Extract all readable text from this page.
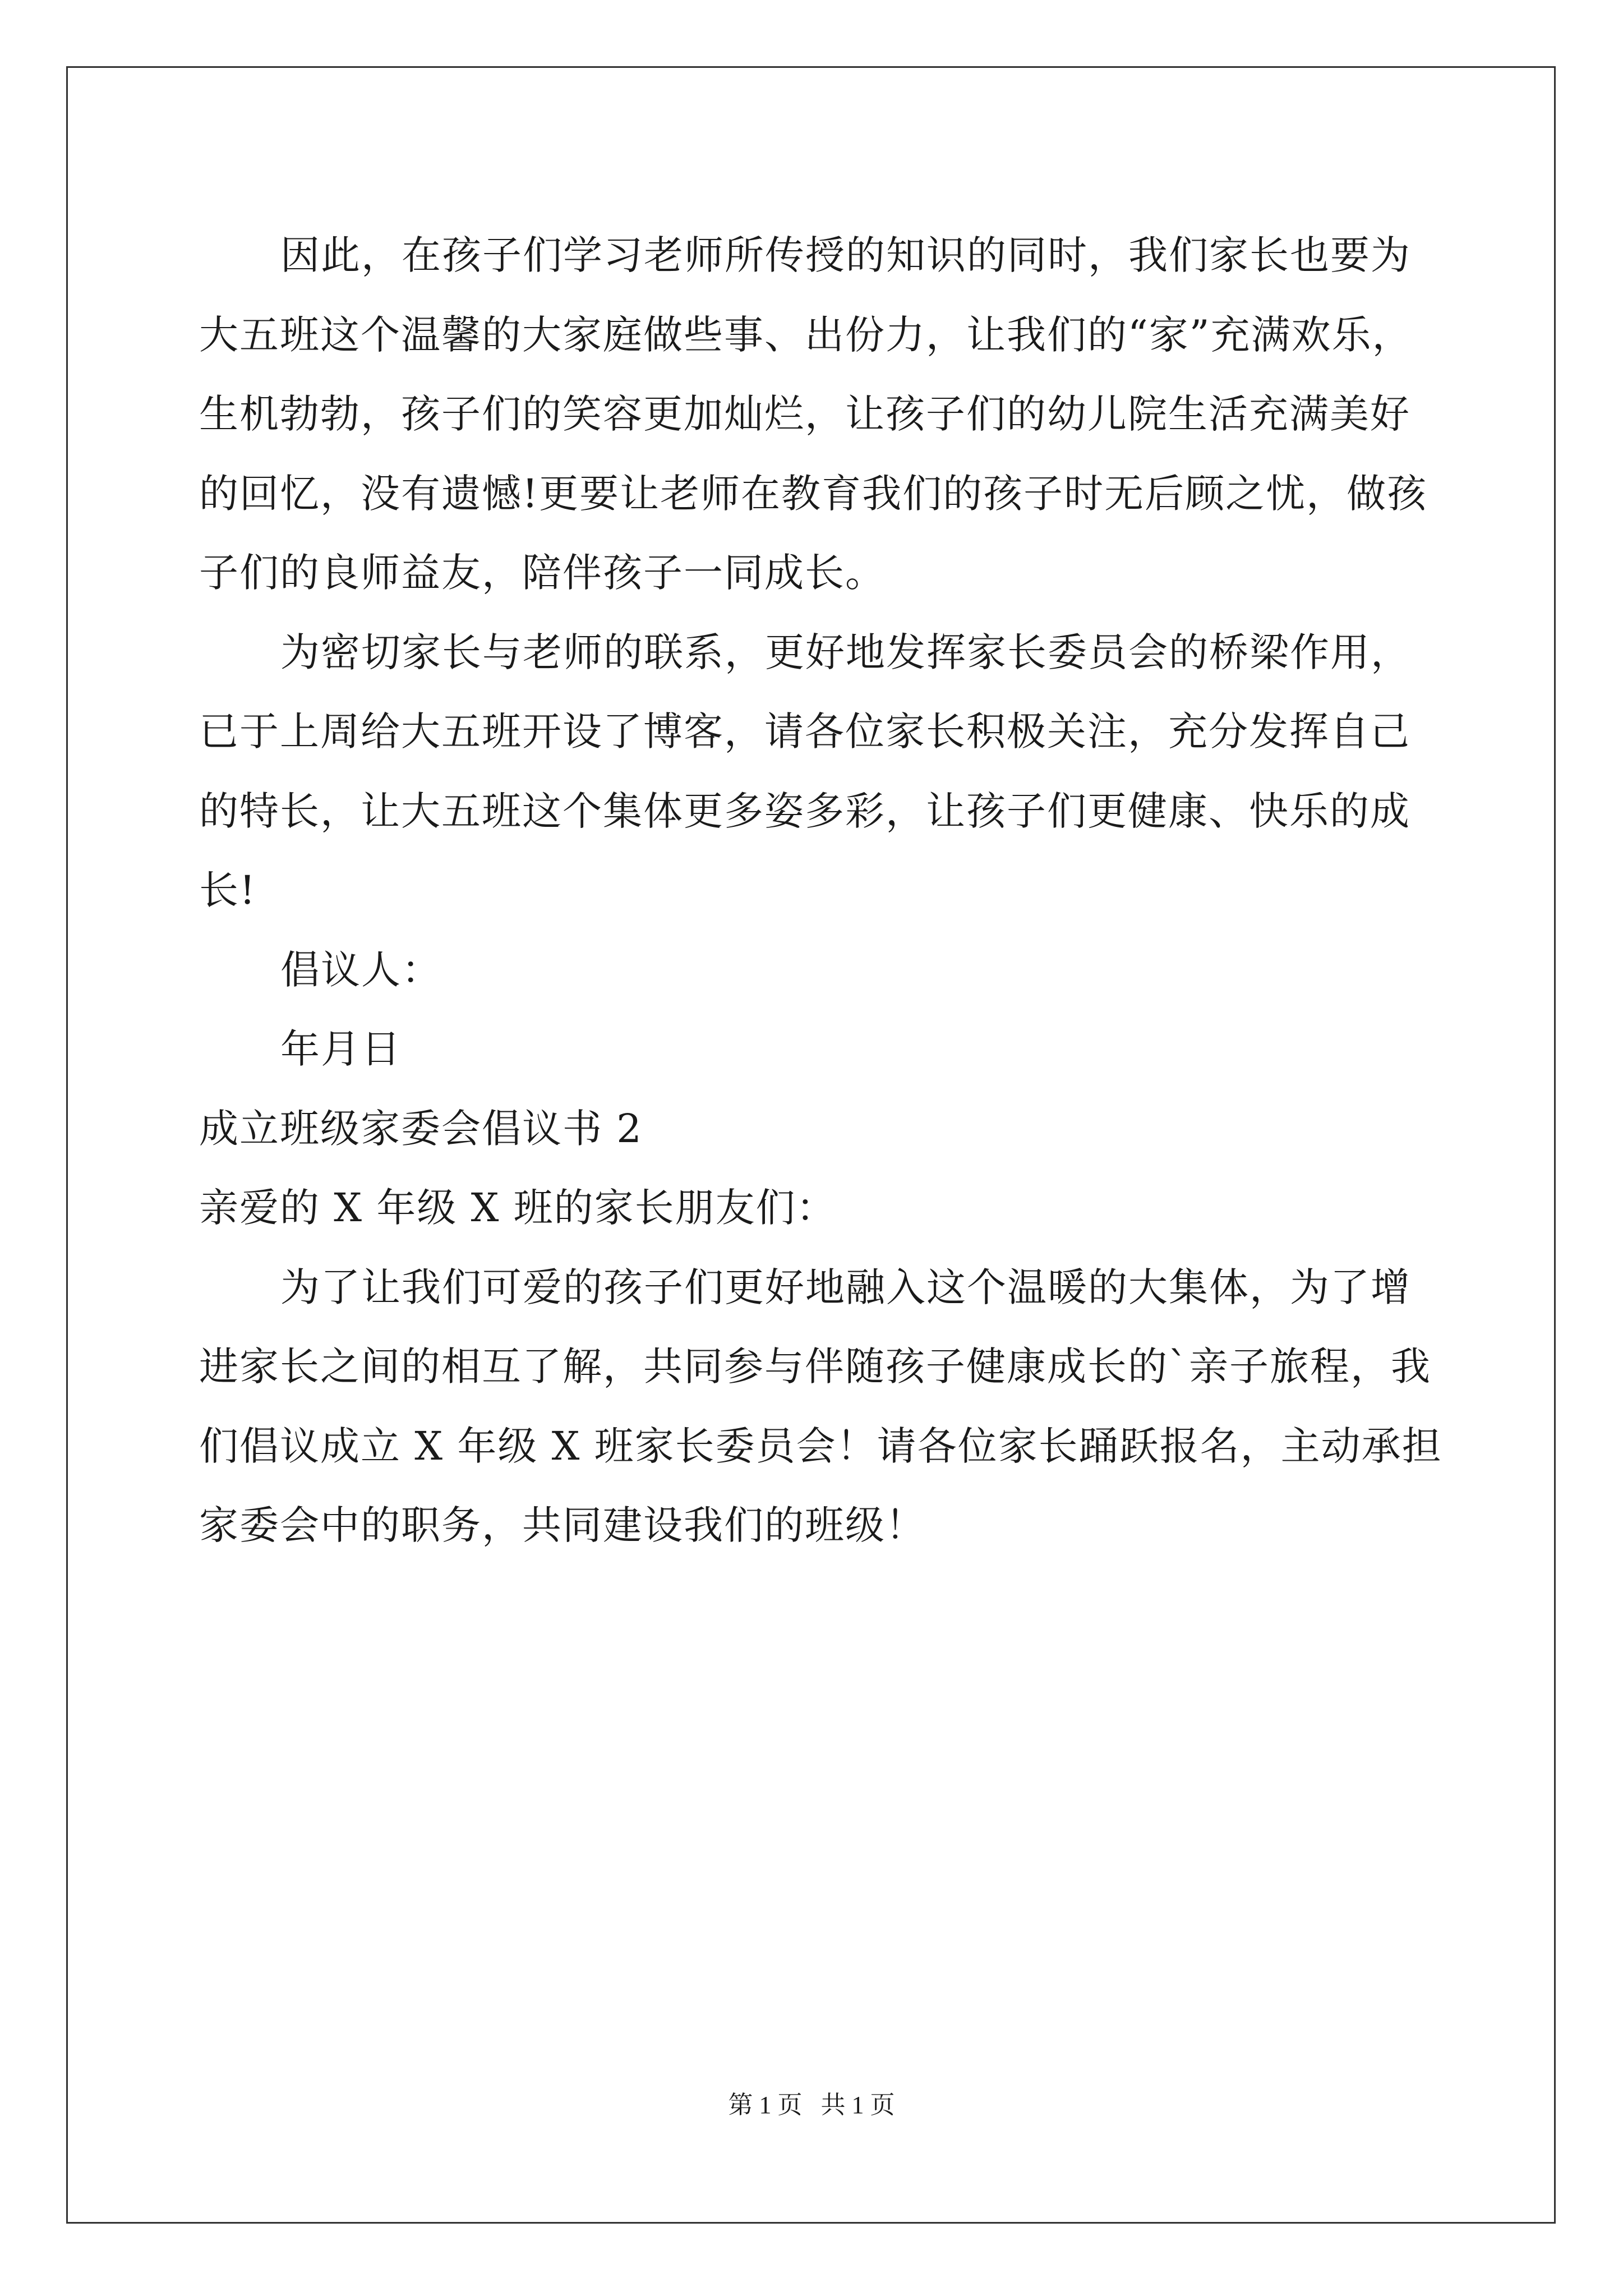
因此，在孩子们学习老师所传授的知识的同时，我们家长也要为
大五班这个温馨的大家庭做些事、出份力，让我们的“家”充满欢乐，
生机勃勃，孩子们的笑容更加灿烂，让孩子们的幼儿院生活充满美好
的回忆，没有遗憾!更要让老师在教育我们的孩子时无后顾之忧，做孩
子们的良师益友，陪伴孩子一同成长。
为密切家长与老师的联系，更好地发挥家长委员会的桥梁作用，
已于上周给大五班开设了博客，请各位家长积极关注，充分发挥自己
的特长，让大五班这个集体更多姿多彩，让孩子们更健康、快乐的成
长!
倡议人：
年月日
成立班级家委会倡议书 2
亲爱的 X 年级 X 班的家长朋友们：
为了让我们可爱的孩子们更好地融入这个温暖的大集体，为了增
进家长之间的相互了解，共同参与伴随孩子健康成长的`亲子旅程，我
们倡议成立 X 年级 X 班家长委员会！请各位家长踊跃报名，主动承担
家委会中的职务，共同建设我们的班级！
第 1 页   共 1 页
